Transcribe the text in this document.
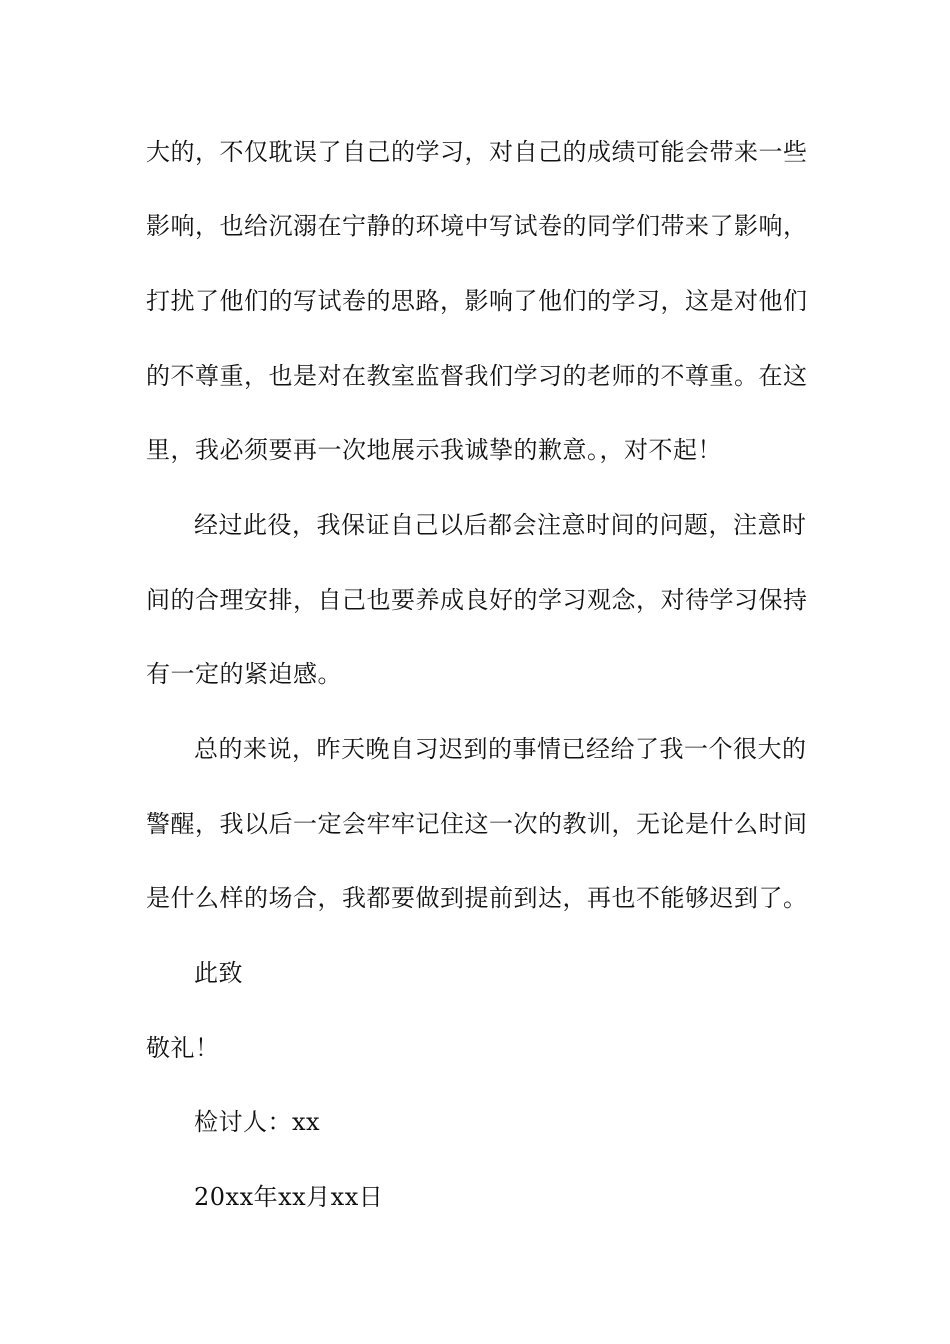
大的，不仅耽误了自己的学习，对自己的成绩可能会带来一些
影响，也给沉溺在宁静的环境中写试卷的同学们带来了影响，
打扰了他们的写试卷的思路，影响了他们的学习，这是对他们
的不尊重，也是对在教室监督我们学习的老师的不尊重。在这
里，我必须要再一次地展示我诚挚的歉意。，对不起！
经过此役，我保证自己以后都会注意时间的问题，注意时
间的合理安排，自己也要养成良好的学习观念，对待学习保持
有一定的紧迫感。
总的来说，昨天晚自习迟到的事情已经给了我一个很大的
警醒，我以后一定会牢牢记住这一次的教训，无论是什么时间
是什么样的场合，我都要做到提前到达，再也不能够迟到了。
此致
敬礼！
检讨人：xx
20xx年xx月xx日
